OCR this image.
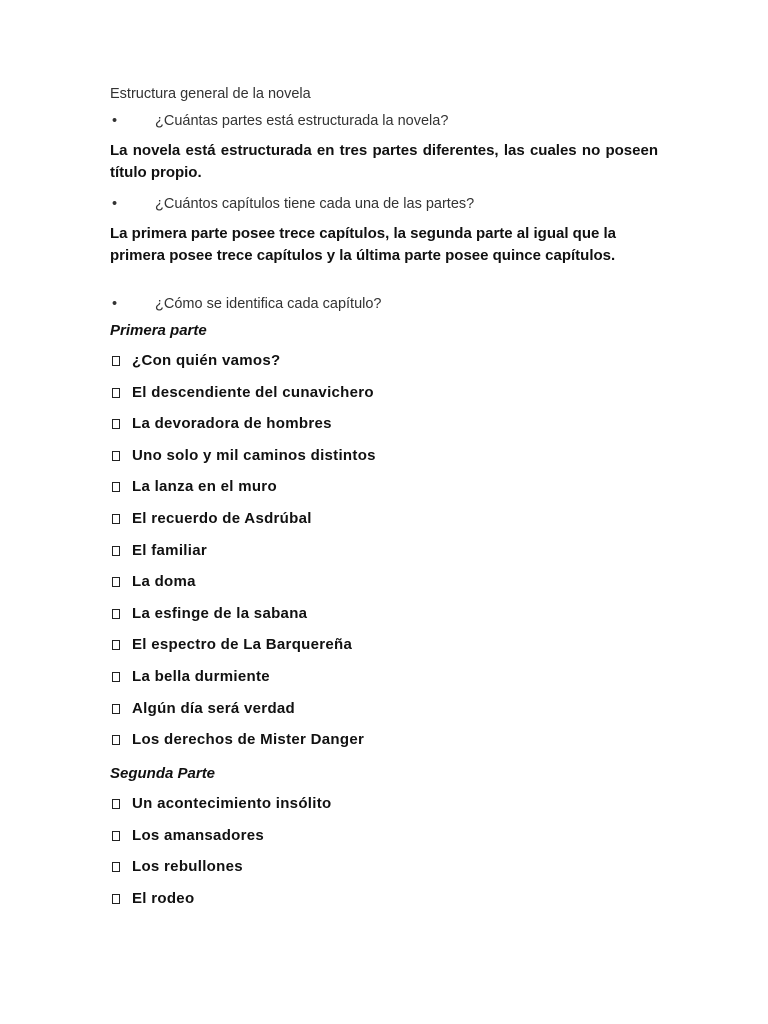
Estructura general de la novela
•	¿Cuántas partes está estructurada la novela?
La novela está estructurada en tres partes diferentes, las cuales no poseen título propio.
•	¿Cuántos capítulos tiene cada una de las partes?
La primera parte posee trece capítulos, la segunda parte al igual que la primera posee trece capítulos y la última parte posee quince capítulos.
•	¿Cómo se identifica cada capítulo?
Primera parte
¿Con quién vamos?
El descendiente del cunavichero
La devoradora de hombres
Uno solo y mil caminos distintos
La lanza en el muro
El recuerdo de Asdrúbal
El familiar
La doma
La esfinge de la sabana
El espectro de La Barquereña
La bella durmiente
Algún día será verdad
Los derechos de Mister Danger
Segunda Parte
Un acontecimiento insólito
Los amansadores
Los rebullones
El rodeo
